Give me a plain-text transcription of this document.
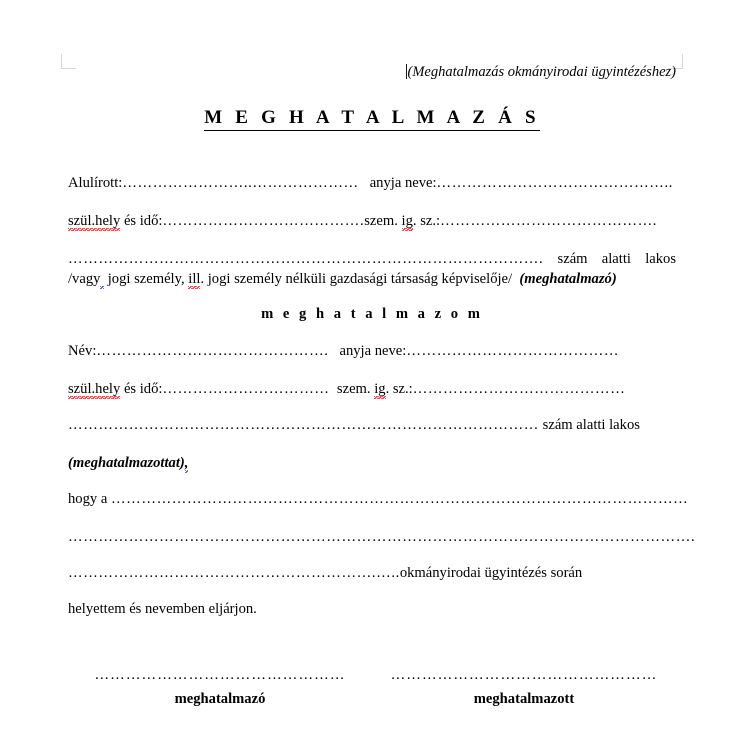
(Meghatalmazás okmányirodai ügyintézéshez)
M E G H A T A L M A Z Á S
Alulírott:……………………..………………… anyja neve:………………………………………..
szül.hely és idő:………………………………….szem. ig. sz.:…………………………………….
…………………………………………………………………………………. szám alatti lakos
/vagy  jogi személy, ill. jogi személy nélküli gazdasági társaság képviselője/ (meghatalmazó)
m e g h a t a l m a z o m
Név:………………………………………. anyja neve:……………………………………
szül.hely és idő:…………………………… szem. ig. sz.:……………………………………
………………………………………………………………………………… szám alatti lakos
(meghatalmazottat),
hogy a ……………………………………………………………………………………………………
…………………………………………………………………………………………………………….
…………………………………………………….…..okmányirodai ügyintézés során
helyettem és nevemben eljárjon.
…………………………………………
meghatalmazó
……………………………………………
meghatalmazott
